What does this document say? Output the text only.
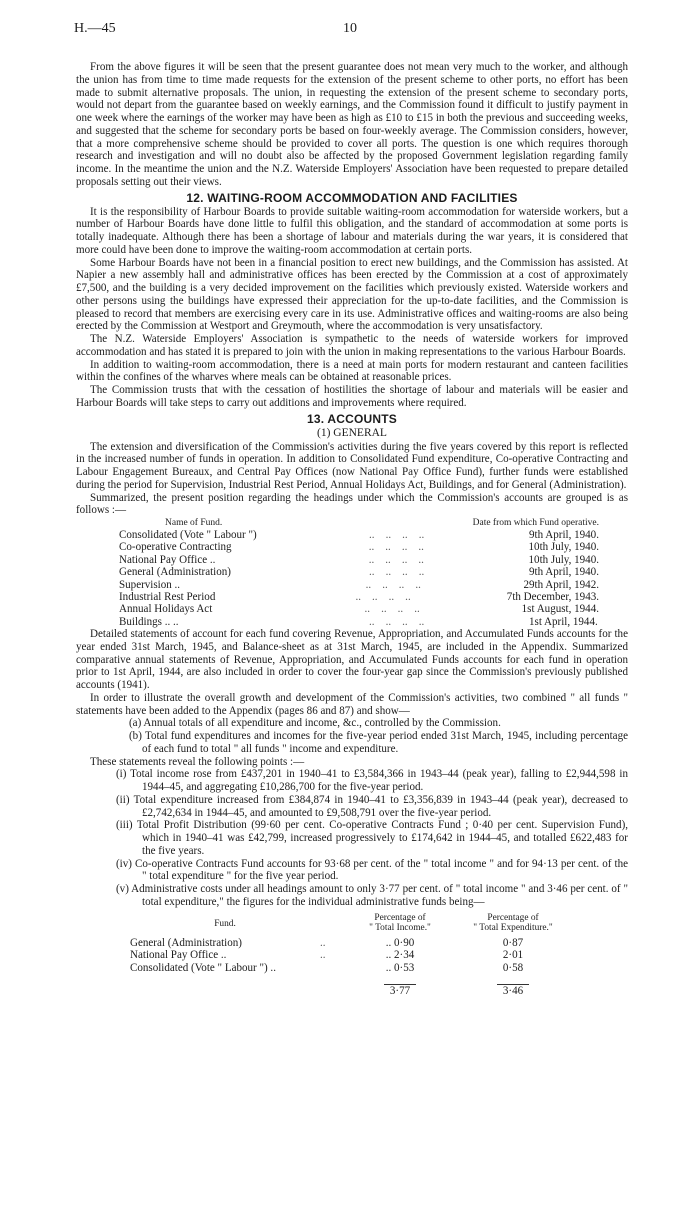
H.—45	10

From the above figures it will be seen that the present guarantee does not mean very much to the worker, and although the union has from time to time made requests for the extension of the present scheme to other ports, no effort has been made to submit alternative proposals. The union, in requesting the extension of the present scheme to secondary ports, would not depart from the guarantee based on weekly earnings, and the Commission found it difficult to justify payment in one week where the earnings of the worker may have been as high as £10 to £15 in both the previous and succeeding weeks, and suggested that the scheme for secondary ports be based on four-weekly average. The Commission considers, however, that a more comprehensive scheme should be provided to cover all ports. The question is one which requires thorough research and investigation and will no doubt also be affected by the proposed Government legislation regarding family income. In the meantime the union and the N.Z. Waterside Employers' Association have been requested to prepare detailed proposals setting out their views.

12. WAITING-ROOM ACCOMMODATION AND FACILITIES

It is the responsibility of Harbour Boards to provide suitable waiting-room accommodation for waterside workers, but a number of Harbour Boards have done little to fulfil this obligation, and the standard of accommodation at some ports is totally inadequate. Although there has been a shortage of labour and materials during the war years, it is considered that more could have been done to improve the waiting-room accommodation at certain ports.

Some Harbour Boards have not been in a financial position to erect new buildings, and the Commission has assisted. At Napier a new assembly hall and administrative offices has been erected by the Commission at a cost of approximately £7,500, and the building is a very decided improvement on the facilities which previously existed. Waterside workers and other persons using the buildings have expressed their appreciation for the up-to-date facilities, and the Commission is pleased to record that members are exercising every care in its use. Administrative offices and waiting-rooms are also being erected by the Commission at Westport and Greymouth, where the accommodation is very unsatisfactory.

The N.Z. Waterside Employers' Association is sympathetic to the needs of waterside workers for improved accommodation and has stated it is prepared to join with the union in making representations to the various Harbour Boards.

In addition to waiting-room accommodation, there is a need at main ports for modern restaurant and canteen facilities within the confines of the wharves where meals can be obtained at reasonable prices.

The Commission trusts that with the cessation of hostilities the shortage of labour and materials will be easier and Harbour Boards will take steps to carry out additions and improvements where required.

13. ACCOUNTS
(1) GENERAL

The extension and diversification of the Commission's activities during the five years covered by this report is reflected in the increased number of funds in operation. In addition to Consolidated Fund expenditure, Co-operative Contracting and Labour Engagement Bureaux, and Central Pay Offices (now National Pay Office Fund), further funds were established during the period for Supervision, Industrial Rest Period, Annual Holidays Act, Buildings, and for General (Administration).

Summarized, the present position regarding the headings under which the Commission's accounts are grouped is as follows :—

Name of Fund.	Date from which Fund operative.
Consolidated (Vote " Labour ")	..    ..    ..    ..	9th April, 1940.
Co-operative Contracting	..    ..    ..    ..	10th July, 1940.
National Pay Office ..	..    ..    ..    ..	10th July, 1940.
General (Administration)	..    ..    ..    ..	9th April, 1940.
Supervision ..	..    ..    ..    ..	29th April, 1942.
Industrial Rest Period	..    ..    ..    ..	7th December, 1943.
Annual Holidays Act	..    ..    ..    ..	1st August, 1944.
Buildings .. ..	..    ..    ..    ..	1st April, 1944.

Detailed statements of account for each fund covering Revenue, Appropriation, and Accumulated Funds accounts for the year ended 31st March, 1945, and Balance-sheet as at 31st March, 1945, are included in the Appendix. Summarized comparative annual statements of Revenue, Appropriation, and Accumulated Funds accounts for each fund in operation prior to 1st April, 1944, are also included in order to cover the four-year gap since the Commission's previously published accounts (1941).

In order to illustrate the overall growth and development of the Commission's activities, two combined " all funds " statements have been added to the Appendix (pages 86 and 87) and show—

(a) Annual totals of all expenditure and income, &c., controlled by the Commission.
(b) Total fund expenditures and incomes for the five-year period ended 31st March, 1945, including percentage of each fund to total " all funds " income and expenditure.

These statements reveal the following points :—

(i) Total income rose from £437,201 in 1940–41 to £3,584,366 in 1943–44 (peak year), falling to £2,944,598 in 1944–45, and aggregating £10,286,700 for the five-year period.
(ii) Total expenditure increased from £384,874 in 1940–41 to £3,356,839 in 1943–44 (peak year), decreased to £2,742,634 in 1944–45, and amounted to £9,508,791 over the five-year period.
(iii) Total Profit Distribution (99·60 per cent. Co-operative Contracts Fund ; 0·40 per cent. Supervision Fund), which in 1940–41 was £42,799, increased progressively to £174,642 in 1944–45, and totalled £622,483 for the five years.
(iv) Co-operative Contracts Fund accounts for 93·68 per cent. of the " total income " and for 94·13 per cent. of the " total expenditure " for the five year period.
(v) Administrative costs under all headings amount to only 3·77 per cent. of " total income " and 3·46 per cent. of " total expenditure," the figures for the individual administrative funds being—
Fund.
Percentage of
" Total Income."
Percentage of
" Total Expenditure."
General (Administration)	..	.. 0·90	0·87
National Pay Office ..	..	.. 2·34	2·01
Consolidated (Vote " Labour ") ..	.. 0·53	0·58
3·77	3·46
